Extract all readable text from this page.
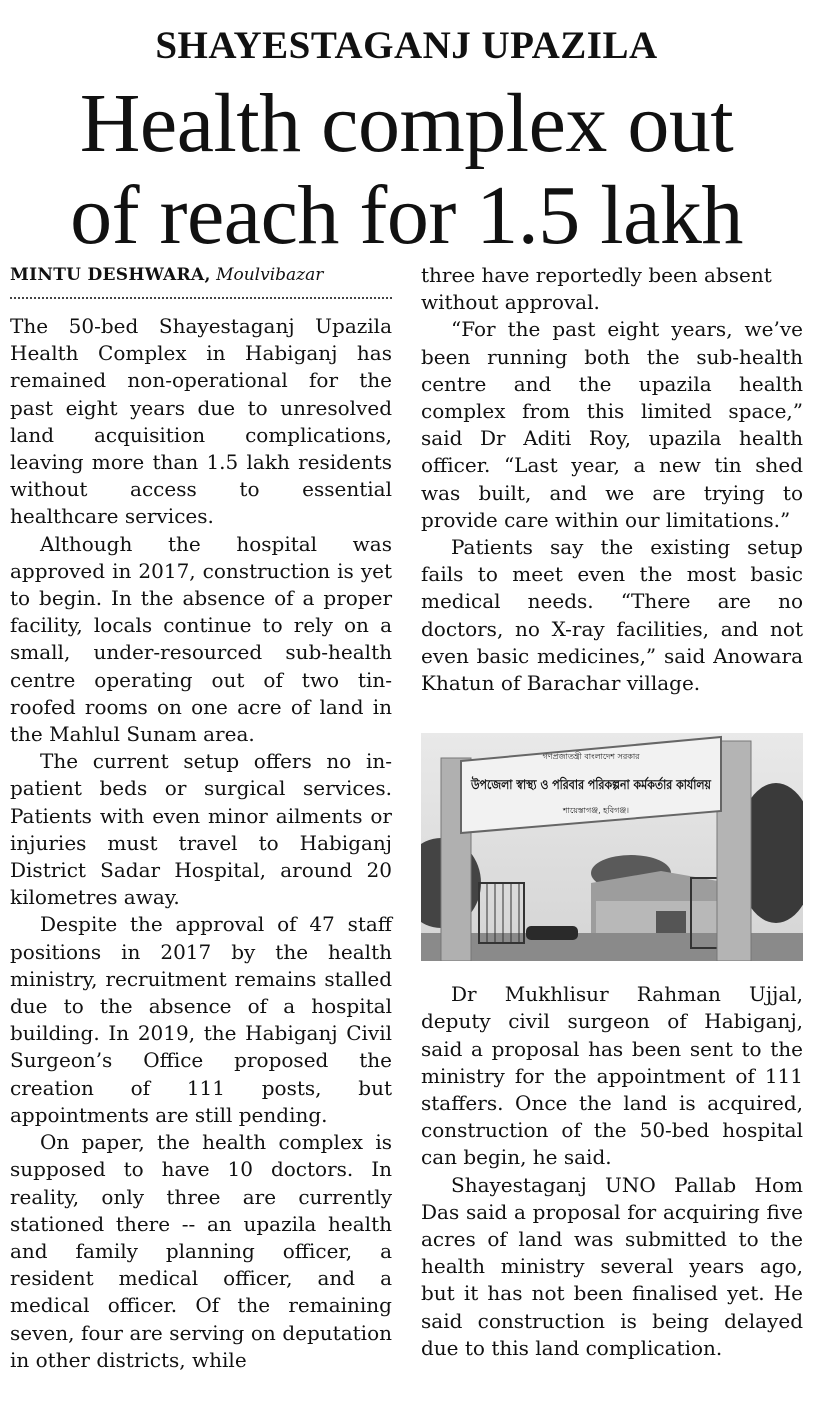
SHAYESTAGANJ UPAZILA
Health complex out
of reach for 1.5 lakh
MINTU DESHWARA, Moulvibazar

The 50-bed Shayestaganj Upazila Health Complex in Habiganj has remained non-operational for the past eight years due to unresolved land acquisition complications, leaving more than 1.5 lakh residents without access to essential healthcare services.

Although the hospital was approved in 2017, construction is yet to begin. In the absence of a proper facility, locals continue to rely on a small, under-resourced sub-health centre operating out of two tin-roofed rooms on one acre of land in the Mahlul Sunam area.

The current setup offers no in-patient beds or surgical services. Patients with even minor ailments or injuries must travel to Habiganj District Sadar Hospital, around 20 kilometres away.

Despite the approval of 47 staff positions in 2017 by the health ministry, recruitment remains stalled due to the absence of a hospital building. In 2019, the Habiganj Civil Surgeon’s Office proposed the creation of 111 posts, but appointments are still pending.

On paper, the health complex is supposed to have 10 doctors. In reality, only three are currently stationed there -- an upazila health and family planning officer, a resident medical officer, and a medical officer. Of the remaining seven, four are serving on deputation in other districts, while

three have reportedly been absent without approval.

“For the past eight years, we’ve been running both the sub-health centre and the upazila health complex from this limited space,” said Dr Aditi Roy, upazila health officer. “Last year, a new tin shed was built, and we are trying to provide care within our limitations.”

Patients say the existing setup fails to meet even the most basic medical needs. “There are no doctors, no X-ray facilities, and not even basic medicines,” said Anowara Khatun of Barachar village.

গণপ্রজাতন্ত্রী বাংলাদেশ সরকার
উপজেলা স্বাস্থ্য ও পরিবার পরিকল্পনা কর্মকর্তার কার্যালয়
শায়েস্তাগঞ্জ, হবিগঞ্জ।

Dr Mukhlisur Rahman Ujjal, deputy civil surgeon of Habiganj, said a proposal has been sent to the ministry for the appointment of 111 staffers. Once the land is acquired, construction of the 50-bed hospital can begin, he said.

Shayestaganj UNO Pallab Hom Das said a proposal for acquiring five acres of land was submitted to the health ministry several years ago, but it has not been finalised yet. He said construction is being delayed due to this land complication.
